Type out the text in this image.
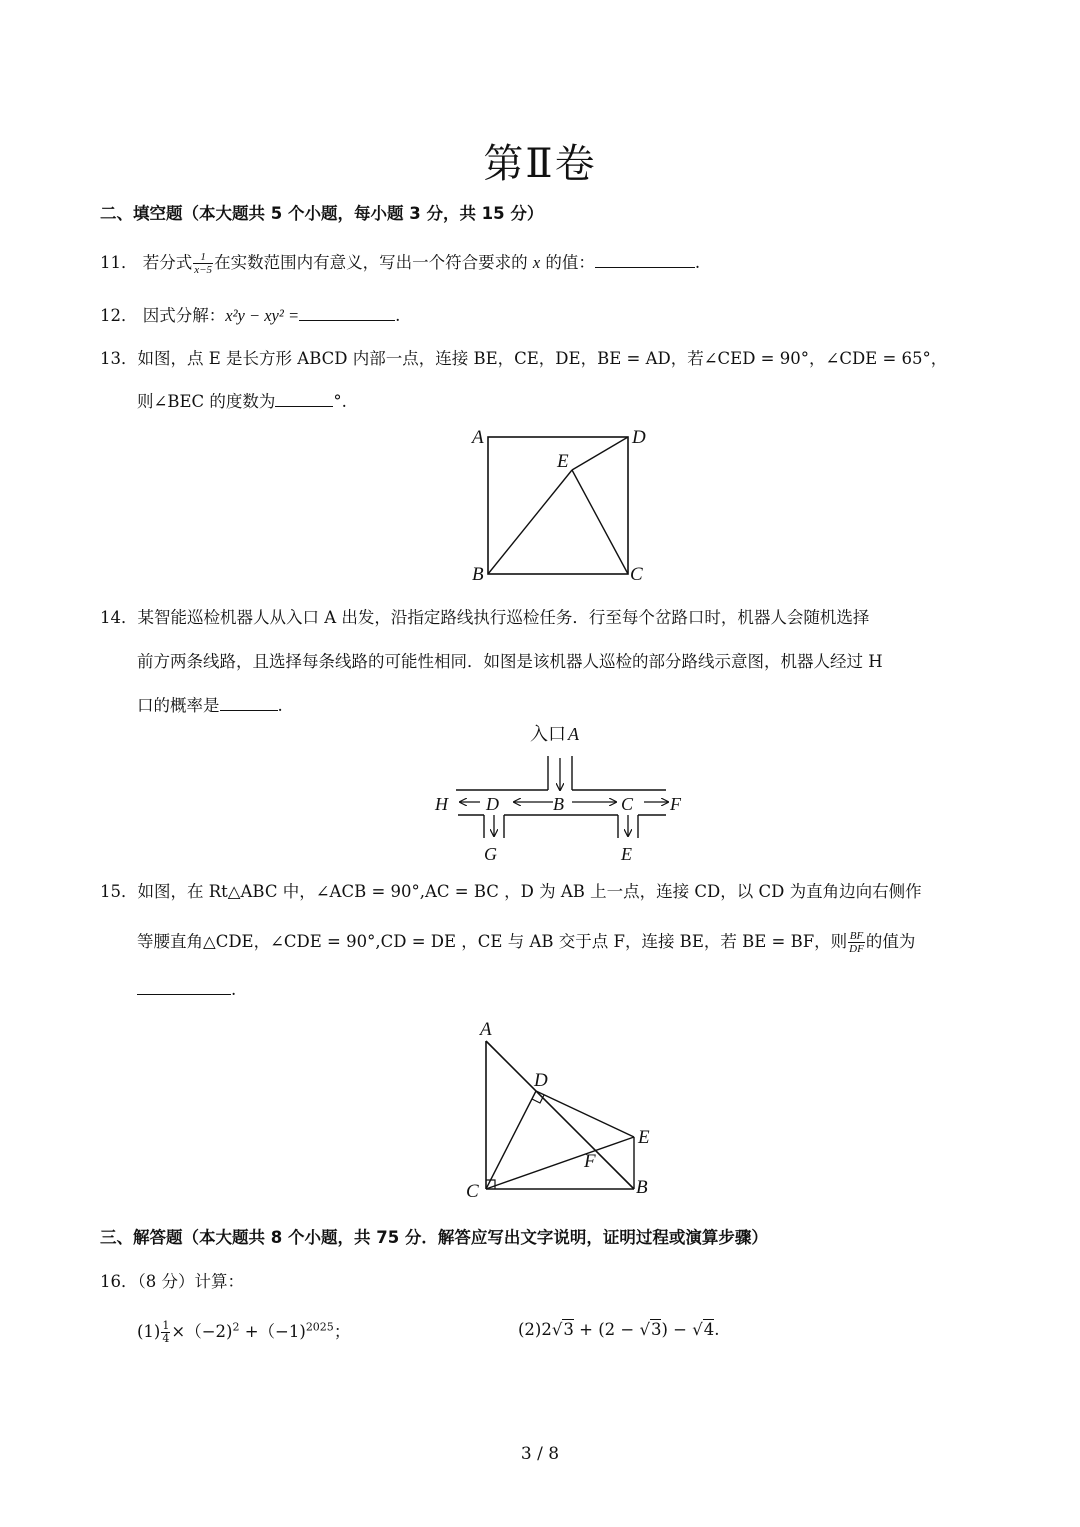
第Ⅱ卷
二、填空题（本大题共 5 个小题，每小题 3 分，共 15 分）
11． 若分式 $\frac{1}{x-5}$ 在实数范围内有意义，写出一个符合要求的 x 的值：	.
12． 因式分解：x²y − xy² =	.
13．如图，点 E 是长方形 ABCD 内部一点，连接 BE，CE，DE，BE = AD，若∠CED = 90°，∠CDE = 65°，
则∠BEC 的度数为	°.
A	D
E
B	C
14．某智能巡检机器人从入口 A 出发，沿指定路线执行巡检任务．行至每个岔路口时，机器人会随机选择
前方两条线路，且选择每条线路的可能性相同．如图是该机器人巡检的部分路线示意图，机器人经过 H
口的概率是	.
入口 A
H D	B	C F
G	E
15．如图，在 Rt△ABC 中，∠ACB = 90°,AC = BC ，D 为 AB 上一点，连接 CD，以 CD 为直角边向右侧作
等腰直角△CDE，∠CDE = 90°,CD = DE ，CE 与 AB 交于点 F，连接 BE，若 BE = BF，则 $\frac{BF}{DF}$ 的值为
.
A
D
E
F
C	B
三、解答题（本大题共 8 个小题，共 75 分．解答应写出文字说明，证明过程或演算步骤）
16．（8 分）计算：
$(1) \frac{1}{4} \times(-2)^2 +(-1)^{2025}$；	(2)2√3 + (2 − √3) − √4.
3 / 8
